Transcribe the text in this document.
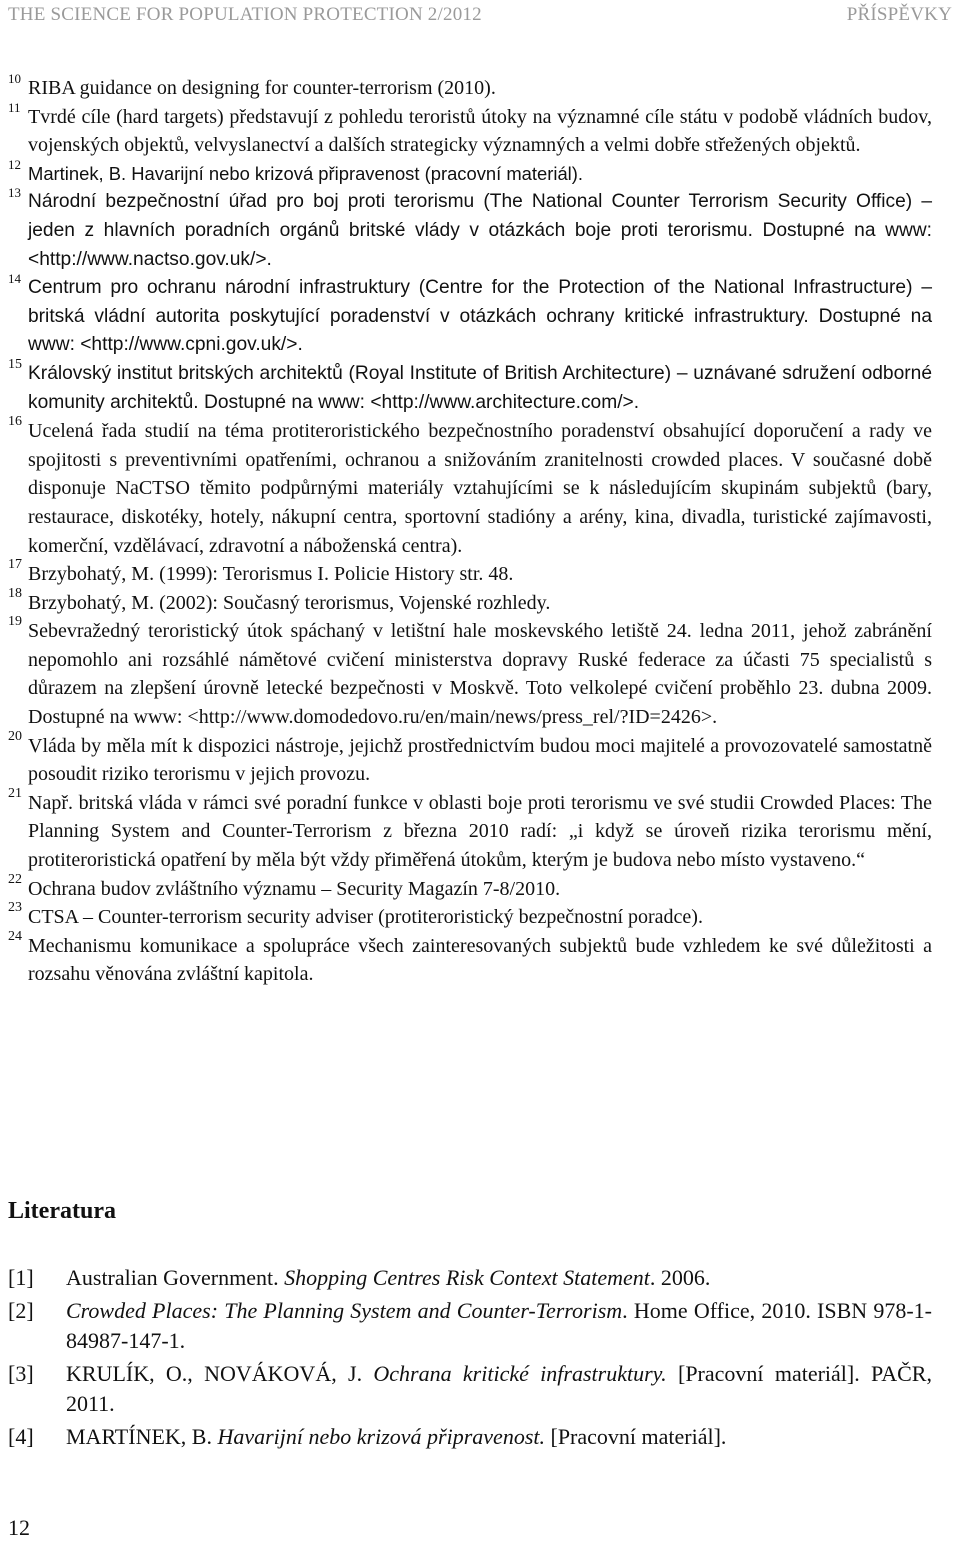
THE SCIENCE FOR POPULATION PROTECTION 2/2012	PŘÍSPĚVKY
10 RIBA guidance on designing for counter-terrorism (2010).
11 Tvrdé cíle (hard targets) představují z pohledu teroristů útoky na významné cíle státu v podobě vládních budov, vojenských objektů, velvyslanectví a dalších strategicky významných a velmi dobře střežených objektů.
12 Martinek, B. Havarijní nebo krizová připravenost (pracovní materiál).
13 Národní bezpečnostní úřad pro boj proti terorismu (The National Counter Terrorism Security Office) – jeden z hlavních poradních orgánů britské vlády v otázkách boje proti terorismu. Dostupné na www: <http://www.nactso.gov.uk/>.
14 Centrum pro ochranu národní infrastruktury (Centre for the Protection of the National Infrastructure) – britská vládní autorita poskytující poradenství v otázkách ochrany kritické infrastruktury. Dostupné na www: <http://www.cpni.gov.uk/>.
15 Královský institut britských architektů (Royal Institute of British Architecture) – uznávané sdružení odborné komunity architektů. Dostupné na www: <http://www.architecture.com/>.
16 Ucelená řada studií na téma protiteroristického bezpečnostního poradenství obsahující doporučení a rady ve spojitosti s preventivními opatřeními, ochranou a snižováním zranitelnosti crowded places. V současné době disponuje NaCTSO těmito podpůrnými materiály vztahujícími se k následujícím skupinám subjektů (bary, restaurace, diskotéky, hotely, nákupní centra, sportovní stadióny a arény, kina, divadla, turistické zajímavosti, komerční, vzdělávací, zdravotní a náboženská centra).
17 Brzybohatý, M. (1999): Terorismus I. Policie History str. 48.
18 Brzybohatý, M. (2002): Současný terorismus, Vojenské rozhledy.
19 Sebevražedný teroristický útok spáchaný v letištní hale moskevského letiště 24. ledna 2011, jehož zabránění nepomohlo ani rozsáhlé námětové cvičení ministerstva dopravy Ruské federace za účasti 75 specialistů s důrazem na zlepšení úrovně letecké bezpečnosti v Moskvě. Toto velkolepé cvičení proběhlo 23. dubna 2009. Dostupné na www: <http://www.domodedovo.ru/en/main/news/press_rel/?ID=2426>.
20 Vláda by měla mít k dispozici nástroje, jejichž prostřednictvím budou moci majitelé a provozovatelé samostatně posoudit riziko terorismu v jejich provozu.
21 Např. britská vláda v rámci své poradní funkce v oblasti boje proti terorismu ve své studii Crowded Places: The Planning System and Counter-Terrorism z března 2010 radí: „i když se úroveň rizika terorismu mění, protiteroristická opatření by měla být vždy přiměřená útokům, kterým je budova nebo místo vystaveno.“
22 Ochrana budov zvláštního významu – Security Magazín 7-8/2010.
23 CTSA – Counter-terrorism security adviser (protiteroristický bezpečnostní poradce).
24 Mechanismu komunikace a spolupráce všech zainteresovaných subjektů bude vzhledem ke své důležitosti a rozsahu věnována zvláštní kapitola.
Literatura
[1]	Australian Government. Shopping Centres Risk Context Statement. 2006.
[2]	Crowded Places: The Planning System and Counter-Terrorism. Home Office, 2010. ISBN 978-1-84987-147-1.
[3]	KRULÍK, O., NOVÁKOVÁ, J. Ochrana kritické infrastruktury. [Pracovní materiál]. PAČR, 2011.
[4]	MARTÍNEK, B. Havarijní nebo krizová připravenost. [Pracovní materiál].
12
